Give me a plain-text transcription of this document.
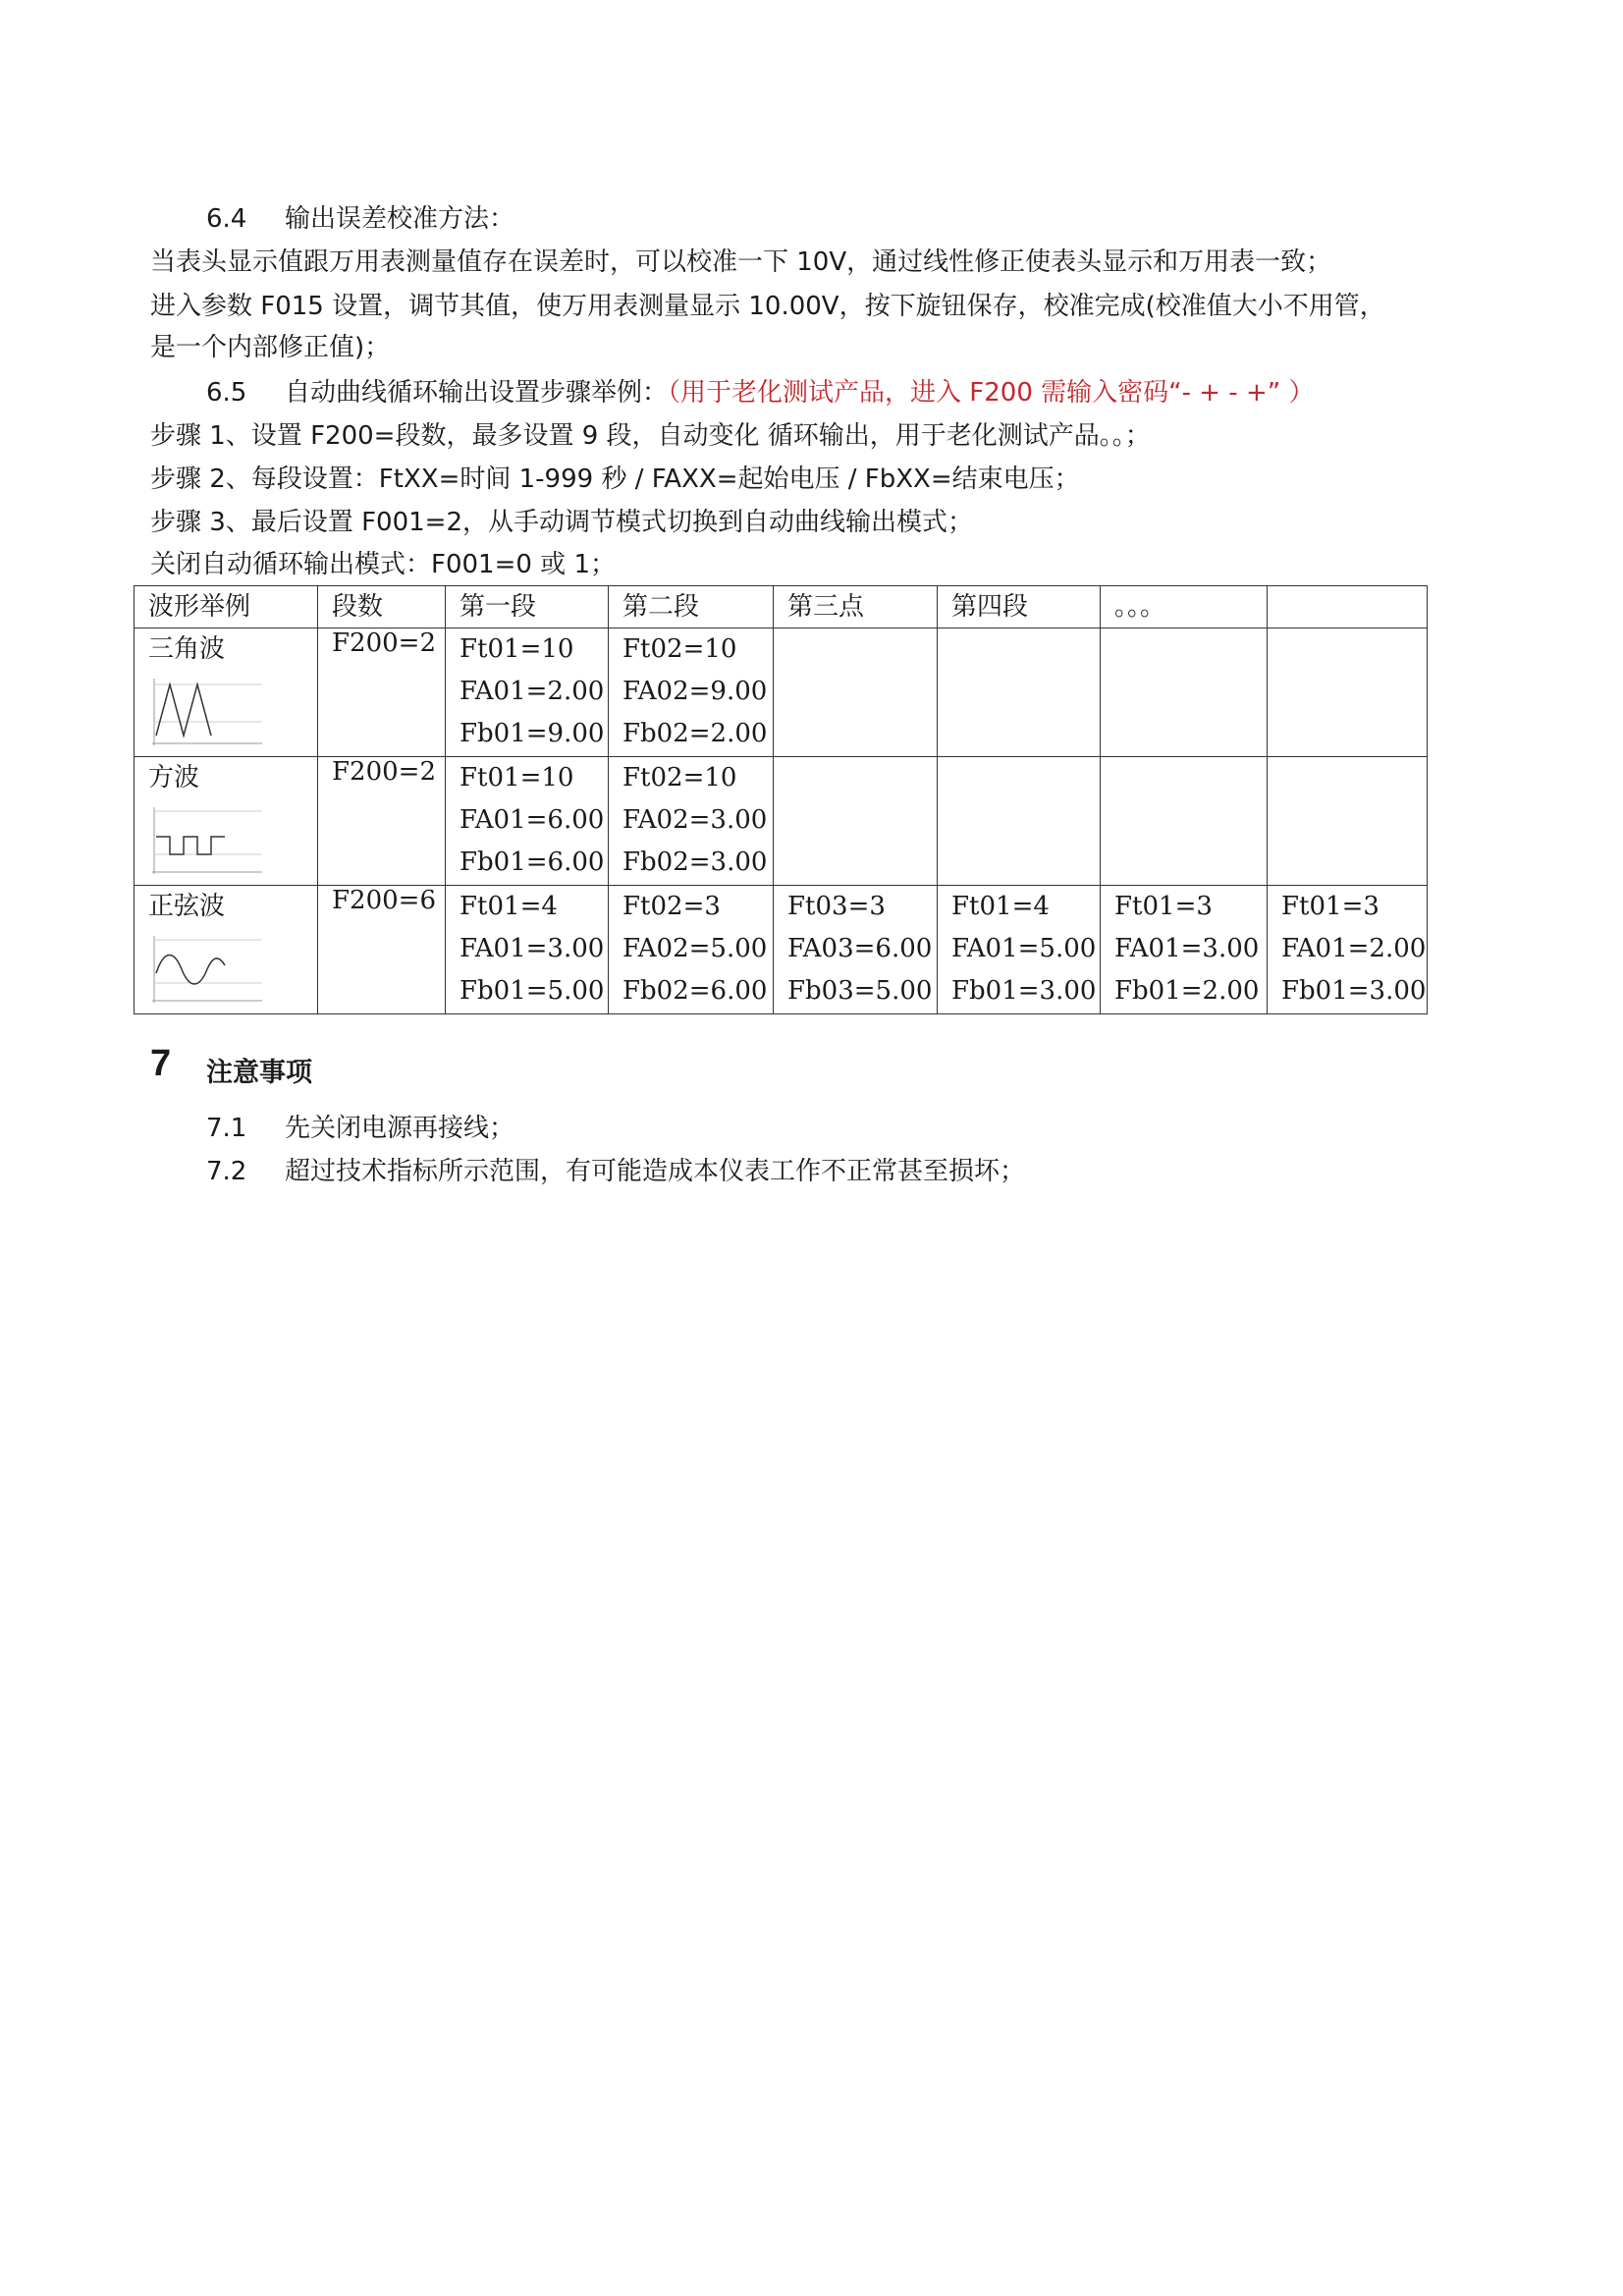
6.4 输出误差校准方法：
当表头显示值跟万用表测量值存在误差时，可以校准一下 10V，通过线性修正使表头显示和万用表一致；
进入参数 F015 设置，调节其值，使万用表测量显示 10.00V，按下旋钮保存，校准完成(校准值大小不用管，
是一个内部修正值)；
6.5 自动曲线循环输出设置步骤举例：（用于老化测试产品，进入 F200 需输入密码“- + - +” ）
步骤 1、设置 F200=段数，最多设置 9 段，自动变化 循环输出，用于老化测试产品。。；
步骤 2、每段设置：FtXX=时间 1-999 秒 / FAXX=起始电压 / FbXX=结束电压；
步骤 3、最后设置 F001=2，从手动调节模式切换到自动曲线输出模式；
关闭自动循环输出模式：F001=0 或 1；
波形举例	段数	第一段	第二段	第三点	第四段	。。。	

三角波	F200=2	Ft01=10
FA01=2.00
Fb01=9.00	Ft02=10
FA02=9.00
Fb02=2.00				

方波	F200=2	Ft01=10
FA01=6.00
Fb01=6.00	Ft02=10
FA02=3.00
Fb02=3.00				

正弦波	F200=6	Ft01=4
FA01=3.00
Fb01=5.00	Ft02=3
FA02=5.00
Fb02=6.00	Ft03=3
FA03=6.00
Fb03=5.00	Ft01=4
FA01=5.00
Fb01=3.00	Ft01=3
FA01=3.00
Fb01=2.00	Ft01=3
FA01=2.00
Fb01=3.00
7 注意事项
7.1 先关闭电源再接线；
7.2 超过技术指标所示范围，有可能造成本仪表工作不正常甚至损坏；
